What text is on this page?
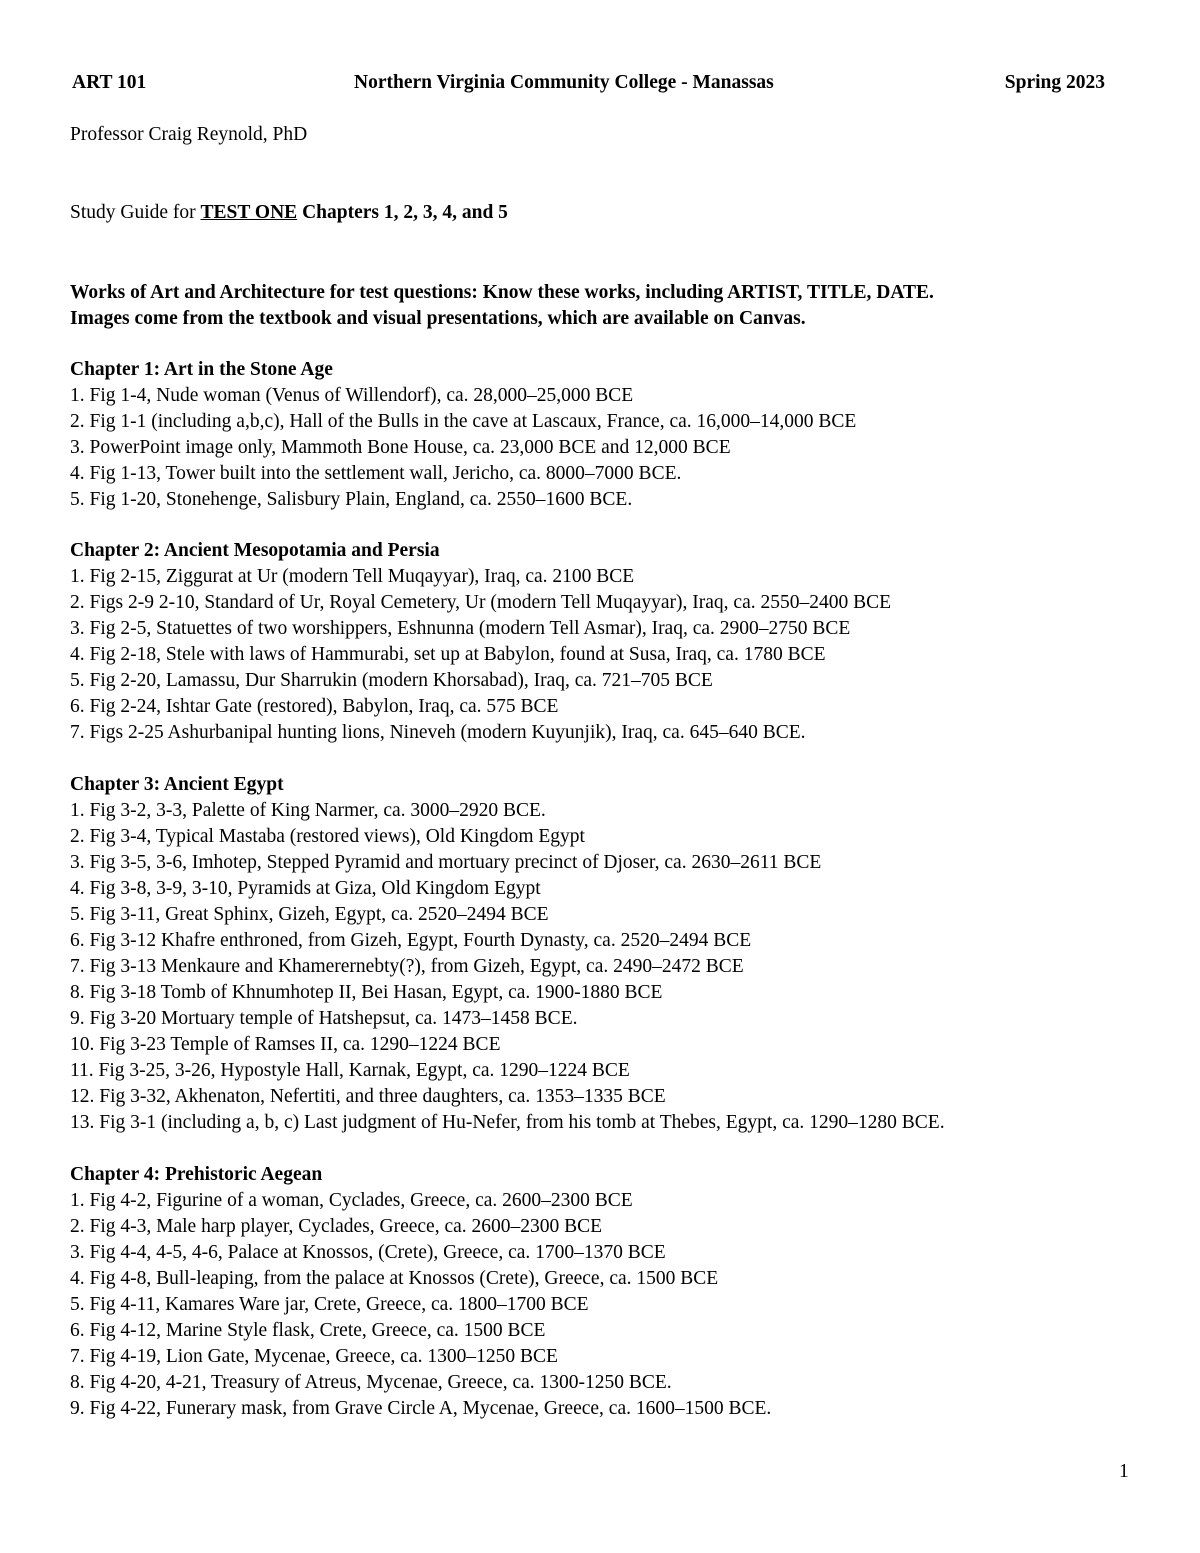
ART 101	Northern Virginia Community College - Manassas	Spring 2023
Professor Craig Reynold, PhD
Study Guide for TEST ONE Chapters 1, 2, 3, 4, and 5
Works of Art and Architecture for test questions: Know these works, including ARTIST, TITLE, DATE.
Images come from the textbook and visual presentations, which are available on Canvas.
Chapter 1: Art in the Stone Age
1. Fig 1-4, Nude woman (Venus of Willendorf), ca. 28,000–25,000 BCE
2. Fig 1-1 (including a,b,c), Hall of the Bulls in the cave at Lascaux, France, ca. 16,000–14,000 BCE
3. PowerPoint image only, Mammoth Bone House, ca. 23,000 BCE and 12,000 BCE
4. Fig 1-13, Tower built into the settlement wall, Jericho, ca. 8000–7000 BCE.
5. Fig 1-20, Stonehenge, Salisbury Plain, England, ca. 2550–1600 BCE.
Chapter 2: Ancient Mesopotamia and Persia
1. Fig 2-15, Ziggurat at Ur (modern Tell Muqayyar), Iraq, ca. 2100 BCE
2. Figs 2-9 2-10, Standard of Ur, Royal Cemetery, Ur (modern Tell Muqayyar), Iraq, ca. 2550–2400 BCE
3. Fig 2-5, Statuettes of two worshippers, Eshnunna (modern Tell Asmar), Iraq, ca. 2900–2750 BCE
4. Fig 2-18, Stele with laws of Hammurabi, set up at Babylon, found at Susa, Iraq, ca. 1780 BCE
5. Fig 2-20, Lamassu, Dur Sharrukin (modern Khorsabad), Iraq, ca. 721–705 BCE
6. Fig 2-24, Ishtar Gate (restored), Babylon, Iraq, ca. 575 BCE
7. Figs 2-25 Ashurbanipal hunting lions, Nineveh (modern Kuyunjik), Iraq, ca. 645–640 BCE.
Chapter 3: Ancient Egypt
1. Fig 3-2, 3-3, Palette of King Narmer, ca. 3000–2920 BCE.
2. Fig 3-4, Typical Mastaba (restored views), Old Kingdom Egypt
3. Fig 3-5, 3-6, Imhotep, Stepped Pyramid and mortuary precinct of Djoser, ca. 2630–2611 BCE
4. Fig 3-8, 3-9, 3-10, Pyramids at Giza, Old Kingdom Egypt
5. Fig 3-11, Great Sphinx, Gizeh, Egypt, ca. 2520–2494 BCE
6. Fig 3-12 Khafre enthroned, from Gizeh, Egypt, Fourth Dynasty, ca. 2520–2494 BCE
7. Fig 3-13 Menkaure and Khamerernebty(?), from Gizeh, Egypt, ca. 2490–2472 BCE
8. Fig 3-18 Tomb of Khnumhotep II, Bei Hasan, Egypt, ca. 1900-1880 BCE
9. Fig 3-20 Mortuary temple of Hatshepsut, ca. 1473–1458 BCE.
10. Fig 3-23 Temple of Ramses II, ca. 1290–1224 BCE
11. Fig 3-25, 3-26, Hypostyle Hall, Karnak, Egypt, ca. 1290–1224 BCE
12. Fig 3-32, Akhenaton, Nefertiti, and three daughters, ca. 1353–1335 BCE
13. Fig 3-1 (including a, b, c) Last judgment of Hu-Nefer, from his tomb at Thebes, Egypt, ca. 1290–1280 BCE.
Chapter 4: Prehistoric Aegean
1. Fig 4-2, Figurine of a woman, Cyclades, Greece, ca. 2600–2300 BCE
2. Fig 4-3, Male harp player, Cyclades, Greece, ca. 2600–2300 BCE
3. Fig 4-4, 4-5, 4-6, Palace at Knossos, (Crete), Greece, ca. 1700–1370 BCE
4. Fig 4-8, Bull-leaping, from the palace at Knossos (Crete), Greece, ca. 1500 BCE
5. Fig 4-11, Kamares Ware jar, Crete, Greece, ca. 1800–1700 BCE
6. Fig 4-12, Marine Style flask, Crete, Greece, ca. 1500 BCE
7. Fig 4-19, Lion Gate, Mycenae, Greece, ca. 1300–1250 BCE
8. Fig 4-20, 4-21, Treasury of Atreus, Mycenae, Greece, ca. 1300-1250 BCE.
9. Fig 4-22, Funerary mask, from Grave Circle A, Mycenae, Greece, ca. 1600–1500 BCE.
1
